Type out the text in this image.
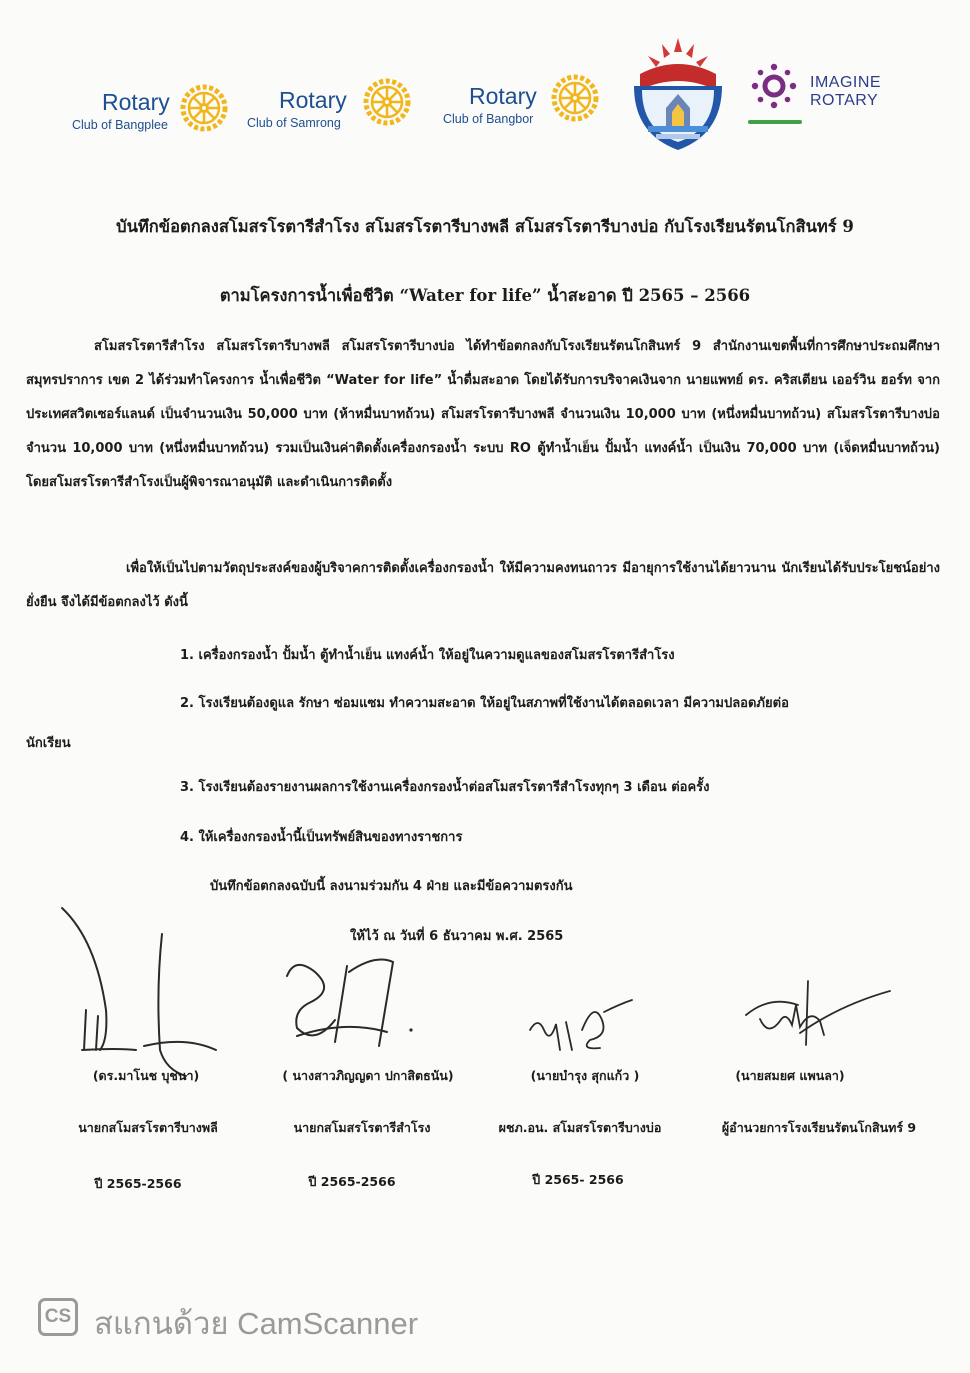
Rotary
Club of Bangplee
Rotary
Club of Samrong
Rotary
Club of Bangbor
IMAGINE
ROTARY
บันทึกข้อตกลงสโมสรโรตารีสำโรง สโมสรโรตารีบางพลี สโมสรโรตารีบางบ่อ กับโรงเรียนรัตนโกสินทร์ 9
ตามโครงการน้ำเพื่อชีวิต “Water for life” น้ำสะอาด ปี 2565 – 2566
สโมสรโรตารีสำโรง สโมสรโรตารีบางพลี สโมสรโรตารีบางบ่อ ได้ทำข้อตกลงกับโรงเรียนรัตนโกสินทร์ 9 สำนักงานเขตพื้นที่การศึกษาประถมศึกษาสมุทรปราการ เขต 2 ได้ร่วมทำโครงการ น้ำเพื่อชีวิต “Water for life” น้ำดื่มสะอาด โดยได้รับการบริจาคเงินจาก นายแพทย์ ดร. คริสเตียน เออร์วิน ฮอร์ท จากประเทศสวิตเซอร์แลนด์ เป็นจำนวนเงิน 50,000 บาท (ห้าหมื่นบาทถ้วน) สโมสรโรตารีบางพลี จำนวนเงิน 10,000 บาท (หนึ่งหมื่นบาทถ้วน) สโมสรโรตารีบางบ่อ จำนวน 10,000 บาท (หนึ่งหมื่นบาทถ้วน) รวมเป็นเงินค่าติดตั้งเครื่องกรองน้ำ ระบบ RO ตู้ทำน้ำเย็น ปั้มน้ำ แทงค์น้ำ เป็นเงิน 70,000 บาท (เจ็ดหมื่นบาทถ้วน) โดยสโมสรโรตารีสำโรงเป็นผู้พิจารณาอนุมัติ และดำเนินการติดตั้ง
เพื่อให้เป็นไปตามวัตถุประสงค์ของผู้บริจาคการติดตั้งเครื่องกรองน้ำ ให้มีความคงทนถาวร มีอายุการใช้งานได้ยาวนาน นักเรียนได้รับประโยชน์อย่างยั่งยืน จึงได้มีข้อตกลงไว้ ดังนี้
1. เครื่องกรองน้ำ ปั้มน้ำ ตู้ทำน้ำเย็น แทงค์น้ำ ให้อยู่ในความดูแลของสโมสรโรตารีสำโรง
2. โรงเรียนต้องดูแล รักษา ซ่อมแซม ทำความสะอาด ให้อยู่ในสภาพที่ใช้งานได้ตลอดเวลา มีความปลอดภัยต่อ
นักเรียน
3. โรงเรียนต้องรายงานผลการใช้งานเครื่องกรองน้ำต่อสโมสรโรตารีสำโรงทุกๆ 3 เดือน ต่อครั้ง
4. ให้เครื่องกรองน้ำนี้เป็นทรัพย์สินของทางราชการ
บันทึกข้อตกลงฉบับนี้ ลงนามร่วมกัน 4 ฝ่าย และมีข้อความตรงกัน
ให้ไว้ ณ วันที่ 6 ธันวาคม พ.ศ. 2565
(ดร.มาโนช บุชนา)	( นางสาวภิญญดา ปกาสิตธนัน)	(นายบำรุง สุกแก้ว )	(นายสมยศ แพนลา)
นายกสโมสรโรตารีบางพลี	นายกสโมสรโรตารีสำโรง	ผชภ.อน. สโมสรโรตารีบางบ่อ	ผู้อำนวยการโรงเรียนรัตนโกสินทร์ 9
ปี 2565-2566	ปี 2565-2566	ปี 2565- 2566
CS สแกนด้วย CamScanner
